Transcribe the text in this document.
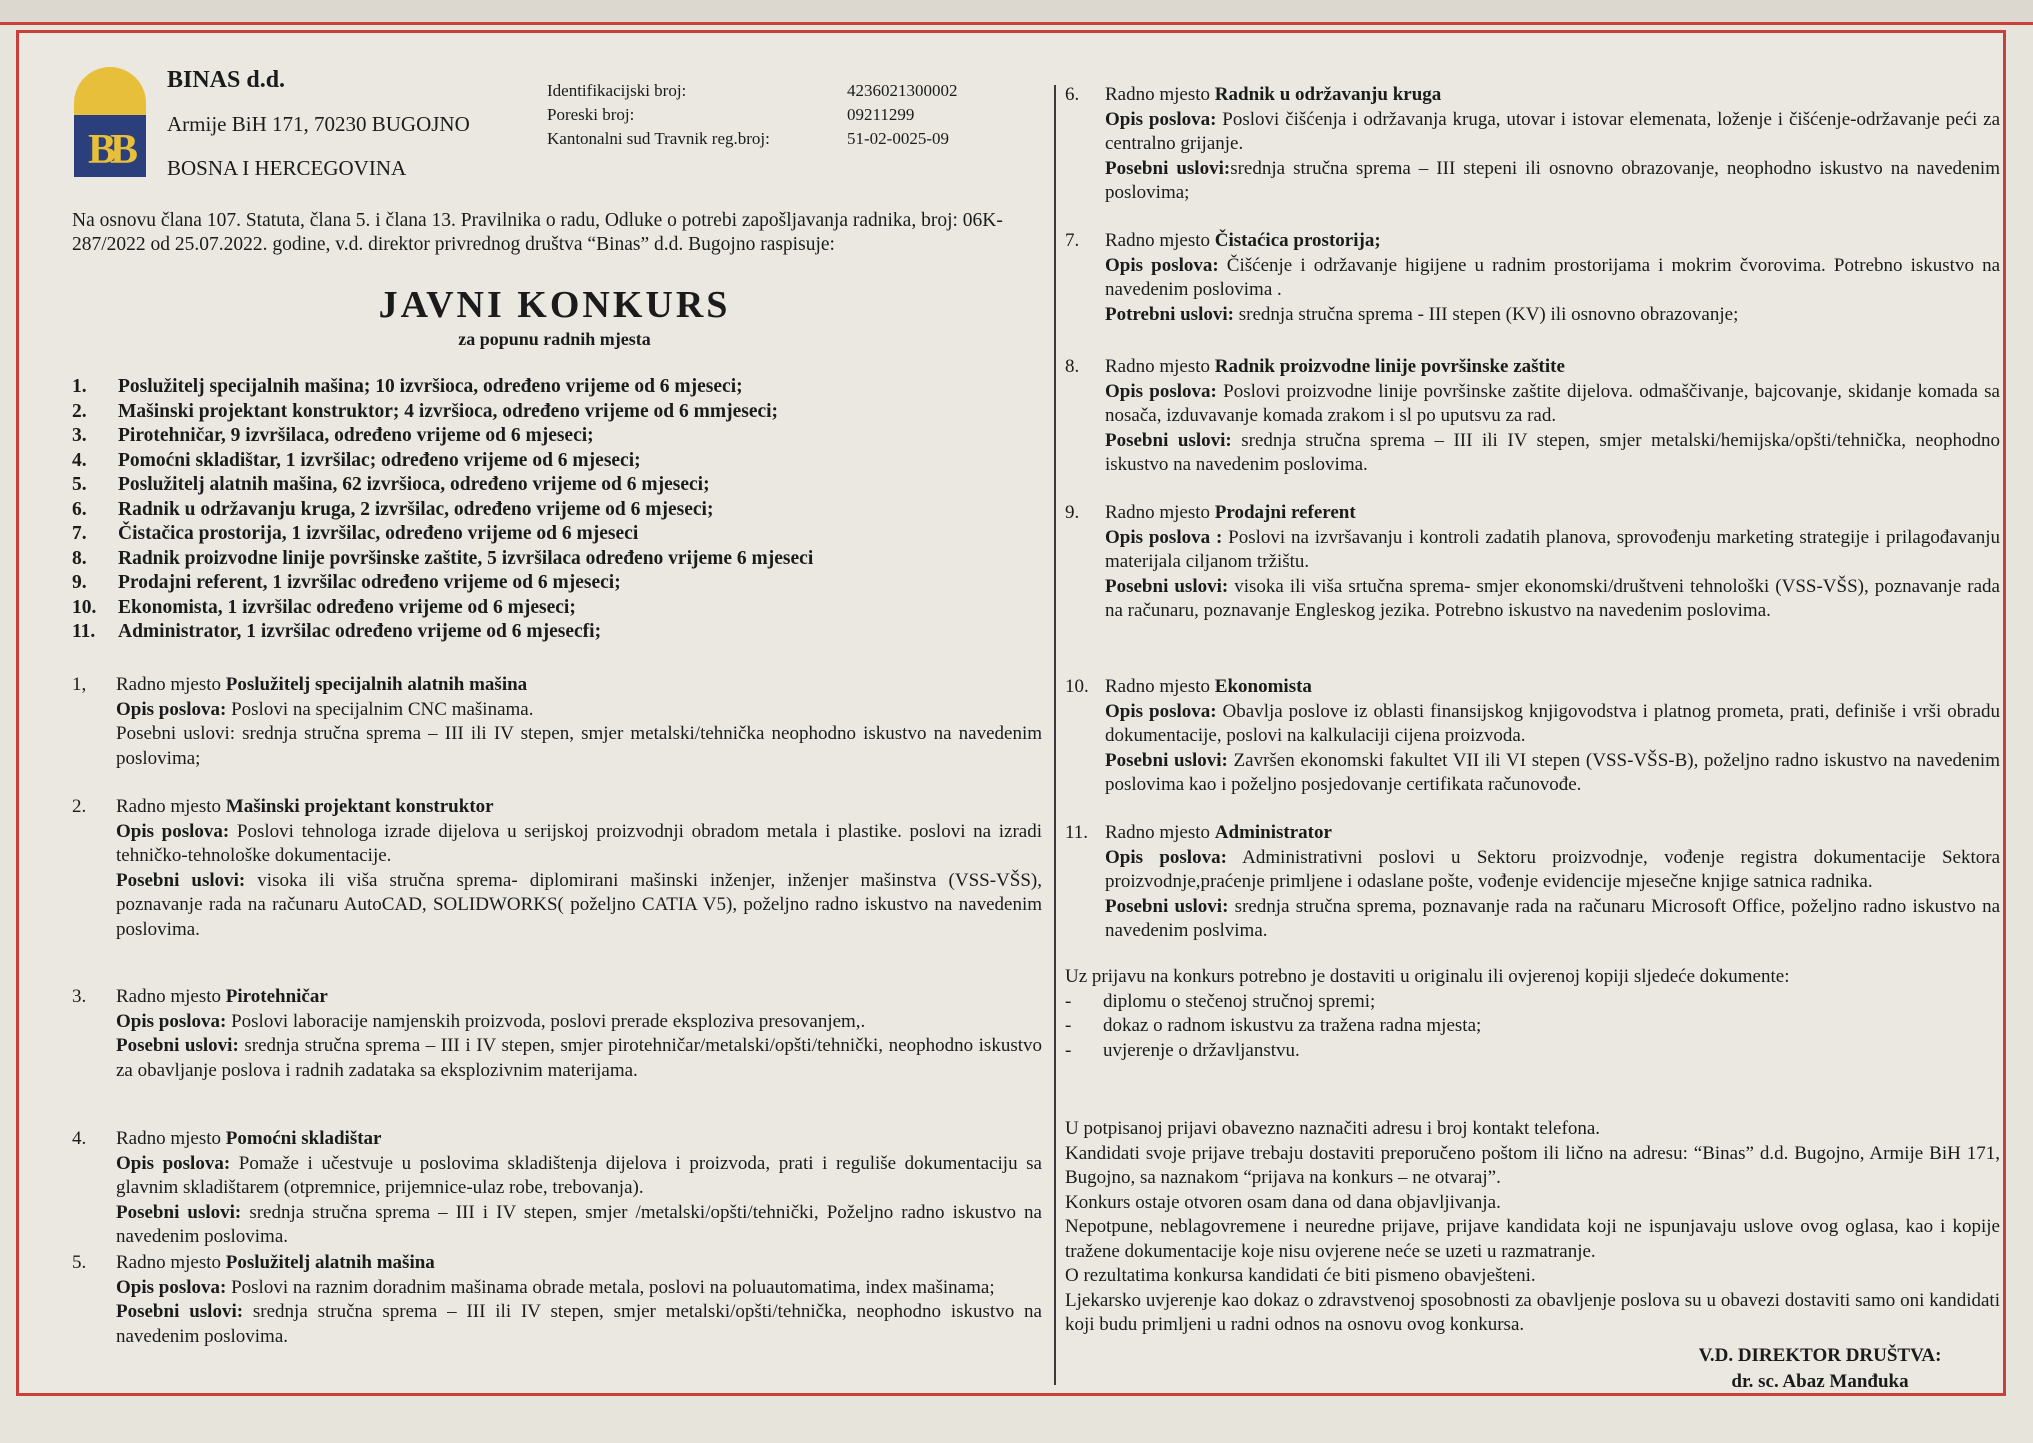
BB
BINAS d.d.
Armije BiH 171, 70230 BUGOJNO
BOSNA I HERCEGOVINA
Identifikacijski broj:	4236021300002
Poreski broj:	09211299
Kantonalni sud Travnik reg.broj:	51-02-0025-09
Na osnovu člana 107. Statuta, člana 5. i člana 13. Pravilnika o radu, Odluke o potrebi zapošljavanja radnika, broj: 06K-287/2022 od 25.07.2022. godine, v.d. direktor privrednog društva “Binas” d.d. Bugojno raspisuje:
JAVNI KONKURS
za popunu radnih mjesta
1.	Poslužitelj specijalnih mašina; 10 izvršioca, određeno vrijeme od 6 mjeseci;
2.	Mašinski projektant konstruktor; 4 izvršioca, određeno vrijeme od 6 mmjeseci;
3.	Pirotehničar, 9 izvršilaca, određeno vrijeme od 6 mjeseci;
4.	Pomoćni skladištar, 1 izvršilac; određeno vrijeme od 6 mjeseci;
5.	Poslužitelj alatnih mašina, 62 izvršioca, određeno vrijeme od 6 mjeseci;
6.	Radnik u održavanju kruga, 2 izvršilac, određeno vrijeme od 6 mjeseci;
7.	Čistačica prostorija, 1 izvršilac, određeno vrijeme od 6 mjeseci
8.	Radnik proizvodne linije površinske zaštite, 5 izvršilaca određeno vrijeme 6 mjeseci
9.	Prodajni referent, 1 izvršilac određeno vrijeme od 6 mjeseci;
10.	Ekonomista, 1 izvršilac određeno vrijeme od 6 mjeseci;
11.	Administrator, 1 izvršilac određeno vrijeme od 6 mjesecfi;
1,	Radno mjesto Poslužitelj specijalnih alatnih mašina
Opis poslova: Poslovi na specijalnim CNC mašinama.
Posebni uslovi: srednja stručna sprema – III ili IV stepen, smjer metalski/tehnička neophodno iskustvo na navedenim poslovima;
2.	Radno mjesto Mašinski projektant konstruktor
Opis poslova: Poslovi tehnologa izrade dijelova u serijskoj proizvodnji obradom metala i plastike. poslovi na izradi tehničko-tehnološke dokumentacije.
Posebni uslovi: visoka ili viša stručna sprema- diplomirani mašinski inženjer, inženjer mašinstva (VSS-VŠS), poznavanje rada na računaru AutoCAD, SOLIDWORKS( poželjno CATIA V5), poželjno radno iskustvo na navedenim poslovima.
3.	Radno mjesto Pirotehničar
Opis poslova: Poslovi laboracije namjenskih proizvoda, poslovi prerade eksploziva presovanjem,.
Posebni uslovi: srednja stručna sprema – III i IV stepen, smjer pirotehničar/metalski/opšti/tehnički, neophodno iskustvo za obavljanje poslova i radnih zadataka sa eksplozivnim materijama.
4.	Radno mjesto Pomoćni skladištar
Opis poslova: Pomaže i učestvuje u poslovima skladištenja dijelova i proizvoda, prati i reguliše dokumentaciju sa glavnim skladištarem (otpremnice, prijemnice-ulaz robe, trebovanja).
Posebni uslovi: srednja stručna sprema – III i IV stepen, smjer /metalski/opšti/tehnički, Poželjno radno iskustvo na navedenim poslovima.
5.	Radno mjesto Poslužitelj alatnih mašina
Opis poslova: Poslovi na raznim doradnim mašinama obrade metala, poslovi na poluautomatima, index mašinama;
Posebni uslovi: srednja stručna sprema – III ili IV stepen, smjer metalski/opšti/tehnička, neophodno iskustvo na navedenim poslovima.
6.	Radno mjesto Radnik u održavanju kruga
Opis poslova: Poslovi čišćenja i održavanja kruga, utovar i istovar elemenata, loženje i čišćenje-održavanje peći za centralno grijanje.
Posebni uslovi:srednja stručna sprema – III stepeni ili osnovno obrazovanje, neophodno iskustvo na navedenim poslovima;
7.	Radno mjesto Čistaćica prostorija;
Opis poslova: Čišćenje i održavanje higijene u radnim prostorijama i mokrim čvorovima. Potrebno iskustvo na navedenim poslovima .
Potrebni uslovi: srednja stručna sprema - III stepen (KV) ili osnovno obrazovanje;
8.	Radno mjesto Radnik proizvodne linije površinske zaštite
Opis poslova: Poslovi proizvodne linije površinske zaštite dijelova. odmaščivanje, bajcovanje, skidanje komada sa nosača, izduvavanje komada zrakom i sl po uputsvu za rad.
Posebni uslovi: srednja stručna sprema – III ili IV stepen, smjer metalski/hemijska/opšti/tehnička, neophodno iskustvo na navedenim poslovima.
9.	Radno mjesto Prodajni referent
Opis poslova : Poslovi na izvršavanju i kontroli zadatih planova, sprovođenju marketing strategije i prilagođavanju materijala ciljanom tržištu.
Posebni uslovi: visoka ili viša srtučna sprema- smjer ekonomski/društveni tehnološki (VSS-VŠS), poznavanje rada na računaru, poznavanje Engleskog jezika. Potrebno iskustvo na navedenim poslovima.
10. Radno mjesto Ekonomista
Opis poslova: Obavlja poslove iz oblasti finansijskog knjigovodstva i platnog prometa, prati, definiše i vrši obradu dokumentacije, poslovi na kalkulaciji cijena proizvoda.
Posebni uslovi: Završen ekonomski fakultet VII ili VI stepen (VSS-VŠS-B), poželjno radno iskustvo na navedenim poslovima kao i poželjno posjedovanje certifikata računovođe.
11. Radno mjesto Administrator
Opis poslova: Administrativni poslovi u Sektoru proizvodnje, vođenje registra dokumentacije Sektora proizvodnje,praćenje primljene i odaslane pošte, vođenje evidencije mjesečne knjige satnica radnika.
Posebni uslovi: srednja stručna sprema, poznavanje rada na računaru Microsoft Office, poželjno radno iskustvo na navedenim poslvima.
Uz prijavu na konkurs potrebno je dostaviti u originalu ili ovjerenoj kopiji sljedeće dokumente:
-	diplomu o stečenoj stručnoj spremi;
-	dokaz o radnom iskustvu za tražena radna mjesta;
-	uvjerenje o državljanstvu.
U potpisanoj prijavi obavezno naznačiti adresu i broj kontakt telefona.
Kandidati svoje prijave trebaju dostaviti preporučeno poštom ili lično na adresu: “Binas” d.d. Bugojno, Armije BiH 171, Bugojno, sa naznakom “prijava na konkurs – ne otvaraj”.
Konkurs ostaje otvoren osam dana od dana objavljivanja.
Nepotpune, neblagovremene i neuredne prijave, prijave kandidata koji ne ispunjavaju uslove ovog oglasa, kao i kopije tražene dokumentacije koje nisu ovjerene neće se uzeti u razmatranje.
O rezultatima konkursa kandidati će biti pismeno obavješteni.
Ljekarsko uvjerenje kao dokaz o zdravstvenoj sposobnosti za obavljenje poslova su u obavezi dostaviti samo oni kandidati koji budu primljeni u radni odnos na osnovu ovog konkursa.
V.D. DIREKTOR DRUŠTVA:
dr. sc. Abaz Manđuka
